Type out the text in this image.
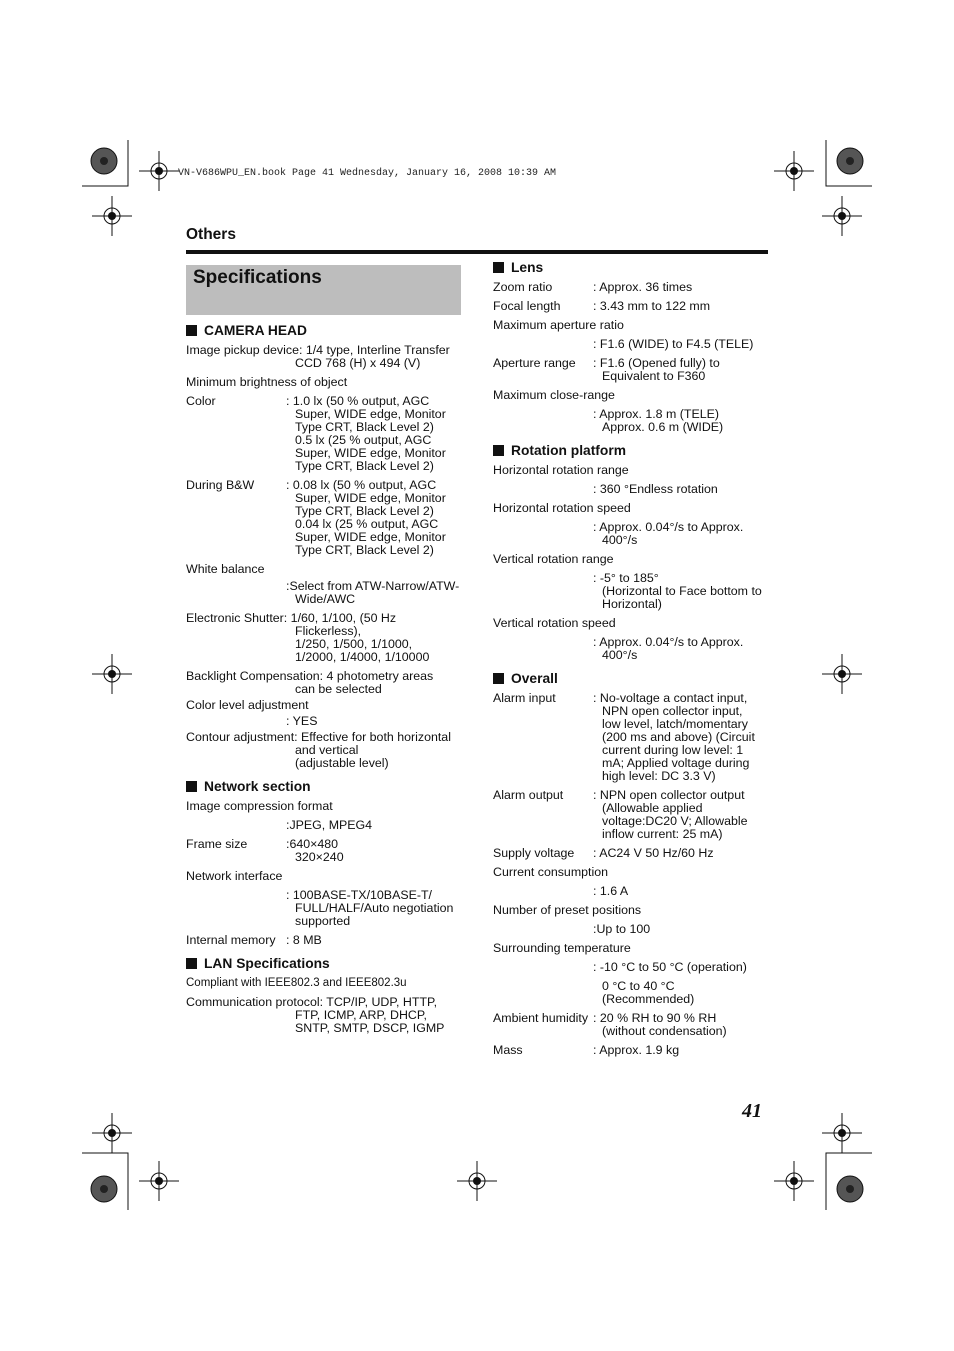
VN-V686WPU_EN.book Page 41 Wednesday, January 16, 2008 10:39 AM
Others
Specifications
CAMERA HEAD
Image pickup device: 1/4 type, Interline Transfer
CCD 768 (H) x 494 (V)
Minimum brightness of object
Color	: 1.0 lx (50 % output, AGC
Super, WIDE edge, Monitor
Type CRT, Black Level 2)
0.5 lx (25 % output, AGC
Super, WIDE edge, Monitor
Type CRT, Black Level 2)
During B&W	: 0.08 lx (50 % output, AGC
Super, WIDE edge, Monitor
Type CRT, Black Level 2)
0.04 lx (25 % output, AGC
Super, WIDE edge, Monitor
Type CRT, Black Level 2)
White balance
:Select from ATW-Narrow/ATW-
Wide/AWC
Electronic Shutter: 1/60, 1/100, (50 Hz
Flickerless),
1/250, 1/500, 1/1000,
1/2000, 1/4000, 1/10000
Backlight Compensation: 4 photometry areas
can be selected
Color level adjustment
: YES
Contour adjustment: Effective for both horizontal
and vertical
(adjustable level)
Network section
Image compression format
:JPEG, MPEG4
Frame size	:640×480
320×240
Network interface
: 100BASE-TX/10BASE-T/
FULL/HALF/Auto negotiation
supported
Internal memory : 8 MB
LAN Specifications
Compliant with IEEE802.3 and IEEE802.3u
Communication protocol: TCP/IP, UDP, HTTP,
FTP, ICMP, ARP, DHCP,
SNTP, SMTP, DSCP, IGMP
Lens
Zoom ratio	: Approx. 36 times
Focal length	: 3.43 mm to 122 mm
Maximum aperture ratio
: F1.6 (WIDE) to F4.5 (TELE)
Aperture range	: F1.6 (Opened fully) to
Equivalent to F360
Maximum close-range
: Approx. 1.8 m (TELE)
Approx. 0.6 m (WIDE)
Rotation platform
Horizontal rotation range
: 360 °Endless rotation
Horizontal rotation speed
: Approx. 0.04°/s to Approx.
400°/s
Vertical rotation range
: -5° to 185°
(Horizontal to Face bottom to
Horizontal)
Vertical rotation speed
: Approx. 0.04°/s to Approx.
400°/s
Overall
Alarm input	: No-voltage a contact input,
NPN open collector input,
low level, latch/momentary
(200 ms and above) (Circuit
current during low level: 1
mA; Applied voltage during
high level: DC 3.3 V)
Alarm output	: NPN open collector output
(Allowable applied
voltage:DC20 V; Allowable
inflow current: 25 mA)
Supply voltage	: AC24 V 50 Hz/60 Hz
Current consumption
: 1.6 A
Number of preset positions
:Up to 100
Surrounding temperature
: -10 °C to 50 °C (operation)
0 °C to 40 °C
(Recommended)
Ambient humidity : 20 % RH to 90 % RH
(without condensation)
Mass	: Approx. 1.9 kg
41
